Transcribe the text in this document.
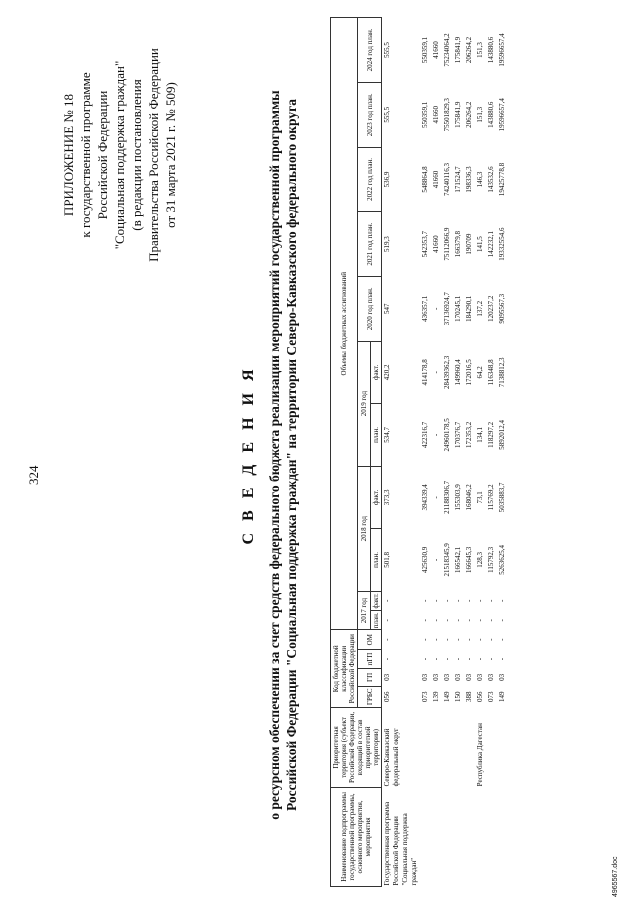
324
ПРИЛОЖЕНИЕ № 18 к государственной программе Российской Федерации "Социальная поддержка граждан" (в редакции постановления Правительства Российской Федерации от 31 марта 2021 г. № 509)
С В Е Д Е Н И Я о ресурсном обеспечении за счет средств федерального бюджета реализации мероприятий государственной программы Российской Федерации "Социальная поддержка граждан" на территории Северо-Кавказского федерального округа
Наименование подпрограммы государственной программы, основного мероприятия, мероприятия	Приоритетная территория (субъект Российской Федерации, входящий в состав приоритетной территории)	Код бюджетной классификации Российской Федерации				Объемы бюджетных ассигнований										
		ГРБС	ГП	пГП	ОМ	2017 год		2018 год		2019 год		2020 год план.	2021 год план.	2022 год план.	2023 год план.	2024 год план.
						план.	факт.	план.	факт.	план.	факт.					
Государственная программа Российской Федерации "Социальная поддержка граждан"	Северо-Кавказский федеральный округ	056	03	-	-	-	-	501,8	373,3	534,7	420,2	547	519,3	536,9	555,5	555,5
		073	03	-	-	-	-	425630,9	394339,4	422316,7	414178,8	436357,1	542353,7	548864,8	550359,1	550359,1
		139	03	-	-	-	-	-	-	-	-	-	41660	41660	41660	41660
		149	03	-	-	-	-	21518345,9	21188306,7	24960178,5	28439362,3	37136924,7	75112066,9	74240116,3	75501829,3	75234064,2
		150	03	-	-	-	-	166542,1	155303,9	170376,7	149960,4	170245,1	166379,8	171524,7	175841,9	175841,9
		388	03	-	-	-	-	166645,3	168046,2	172353,2	172016,5	184290,1	190709	198336,3	206264,2	206264,2
	Республика Дагестан	056	03	-	-	-	-	128,3	73,1	134,1	64,2	137,2	141,5	146,3	151,3	151,3
		073	03	-	-	-	-	115792,3	115769,2	118297,2	116348,8	120237,2	142232,1	143532,6	143880,6	143880,6
		149	03	-	-	-	-	5263625,4	5035883,7	5892012,4	7138812,3	9095567,3	19332554,6	19425778,8	19596657,4	19596657,4
4965567.doc
